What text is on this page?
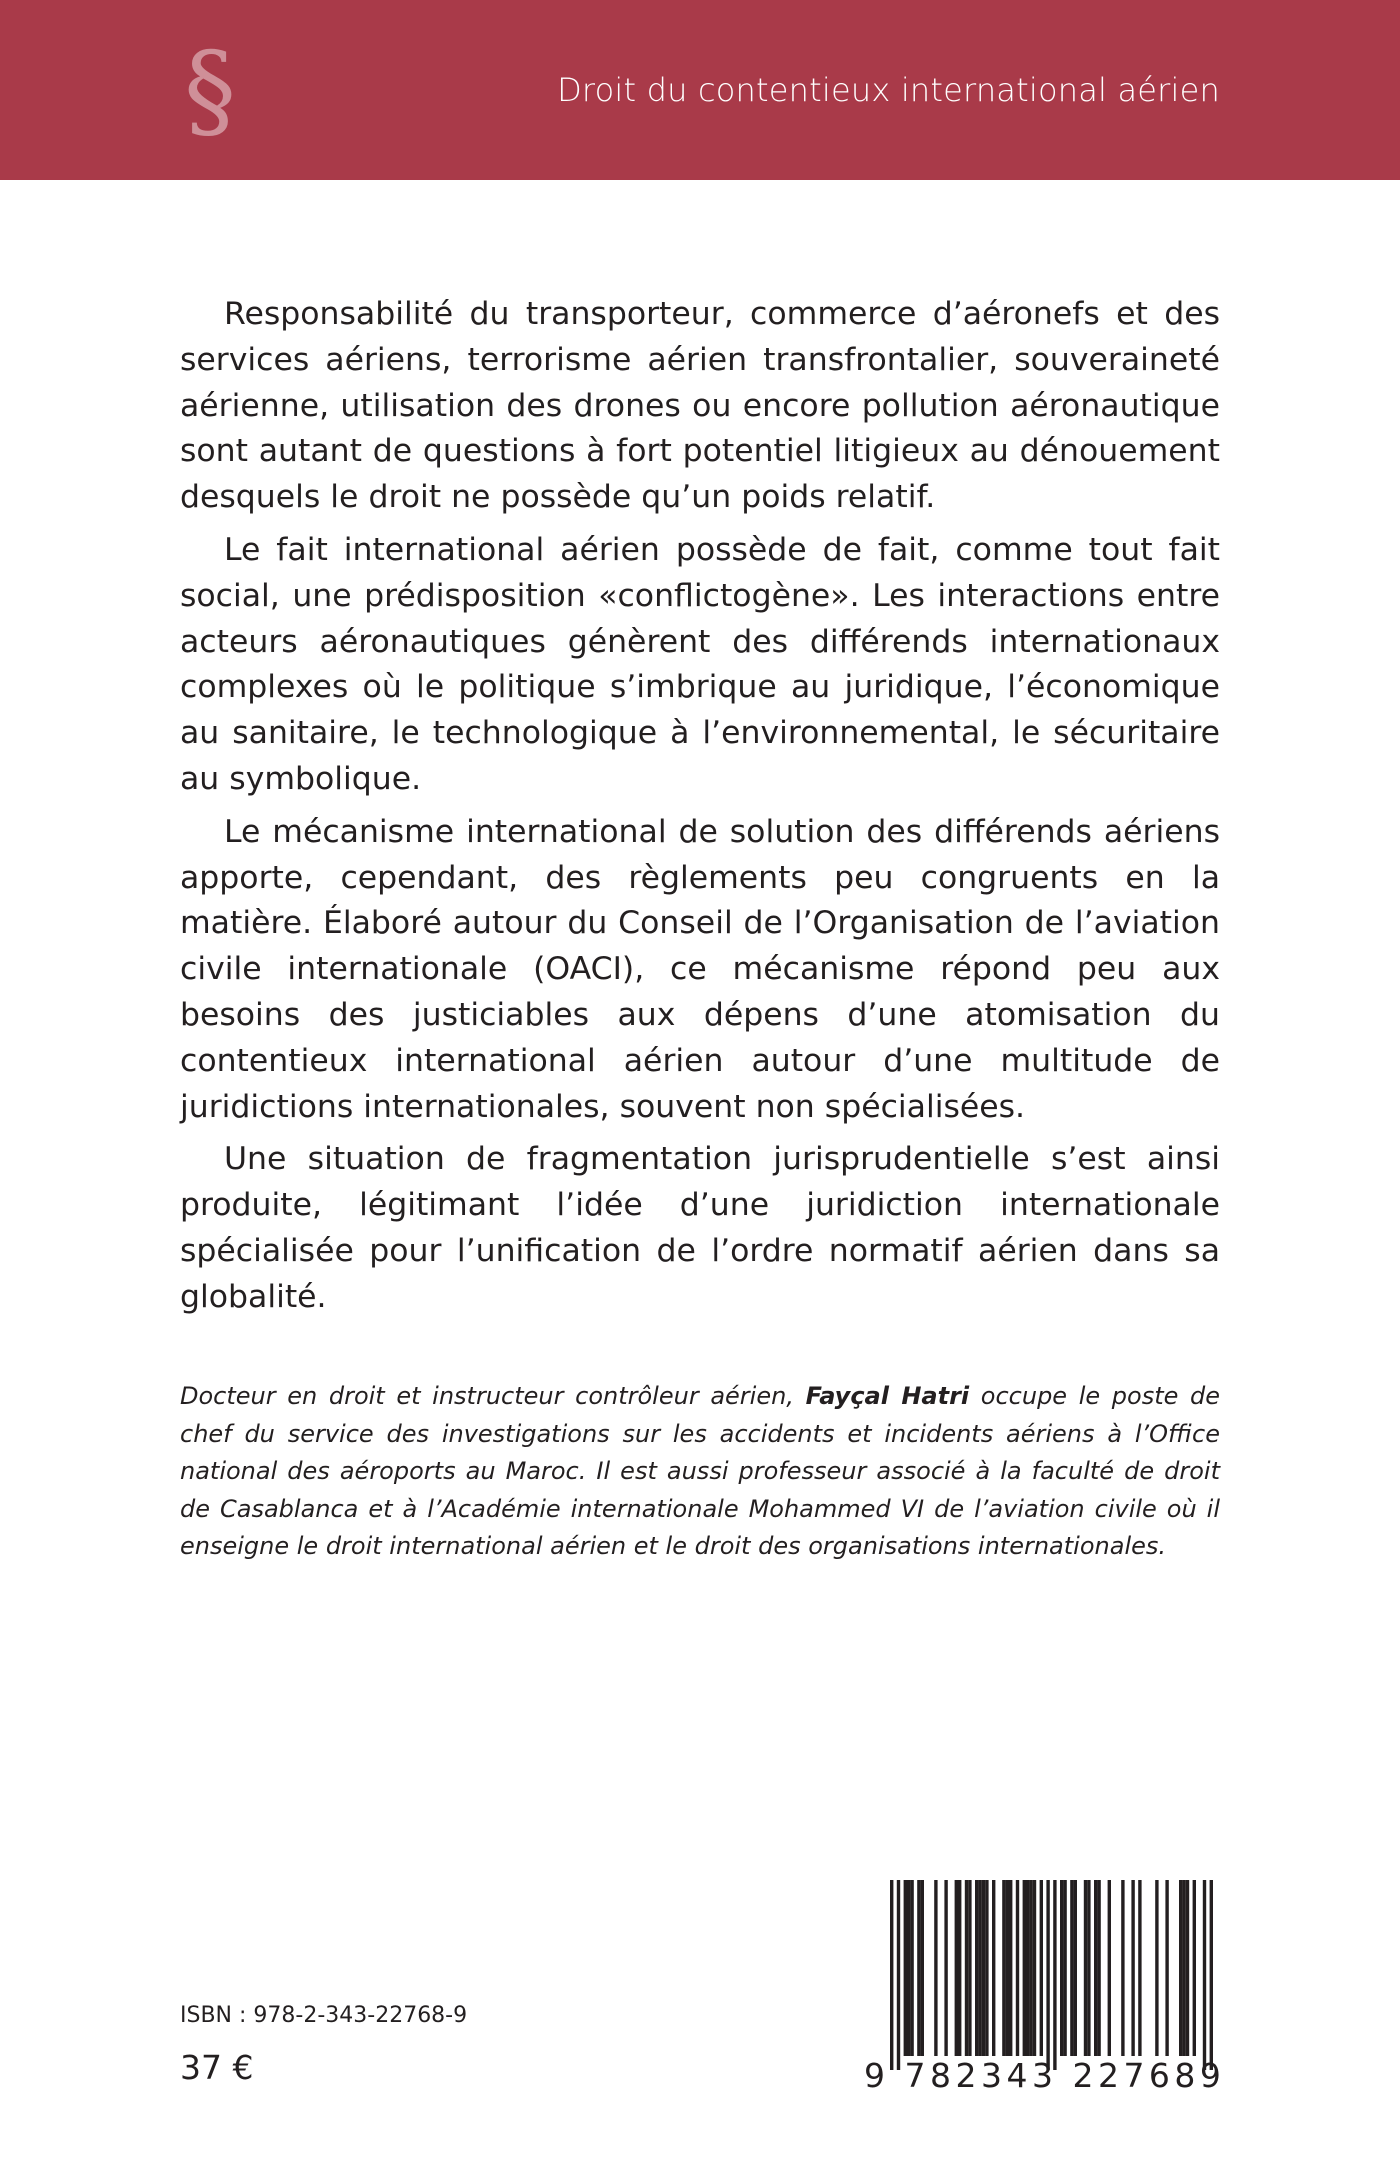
§	Droit du contentieux international aérien

Responsabilité du transporteur, commerce d’aéronefs et des services aériens, terrorisme aérien transfrontalier, souveraineté aérienne, utilisation des drones ou encore pollution aéronautique sont autant de questions à fort potentiel litigieux au dénouement desquels le droit ne possède qu’un poids relatif.

Le fait international aérien possède de fait, comme tout fait social, une prédisposition «conflictogène». Les interactions entre acteurs aéronautiques génèrent des différends internationaux complexes où le politique s’imbrique au juridique, l’économique au sanitaire, le technologique à l’environnemental, le sécuritaire au symbolique.

Le mécanisme international de solution des différends aériens apporte, cependant, des règlements peu congruents en la matière. Élaboré autour du Conseil de l’Organisation de l’aviation civile internationale (OACI), ce mécanisme répond peu aux besoins des justiciables aux dépens d’une atomisation du contentieux international aérien autour d’une multitude de juridictions internationales, souvent non spécialisées.

Une situation de fragmentation jurisprudentielle s’est ainsi produite, légitimant l’idée d’une juridiction internationale spécialisée pour l’unification de l’ordre normatif aérien dans sa globalité.

Docteur en droit et instructeur contrôleur aérien, Fayçal Hatri occupe le poste de chef du service des investigations sur les accidents et incidents aériens à l’Office national des aéroports au Maroc. Il est aussi professeur associé à la faculté de droit de Casablanca et à l’Académie internationale Mohammed VI de l’aviation civile où il enseigne le droit international aérien et le droit des organisations internationales.
ISBN : 978-2-343-22768-9
37 €	9 782343 227689
